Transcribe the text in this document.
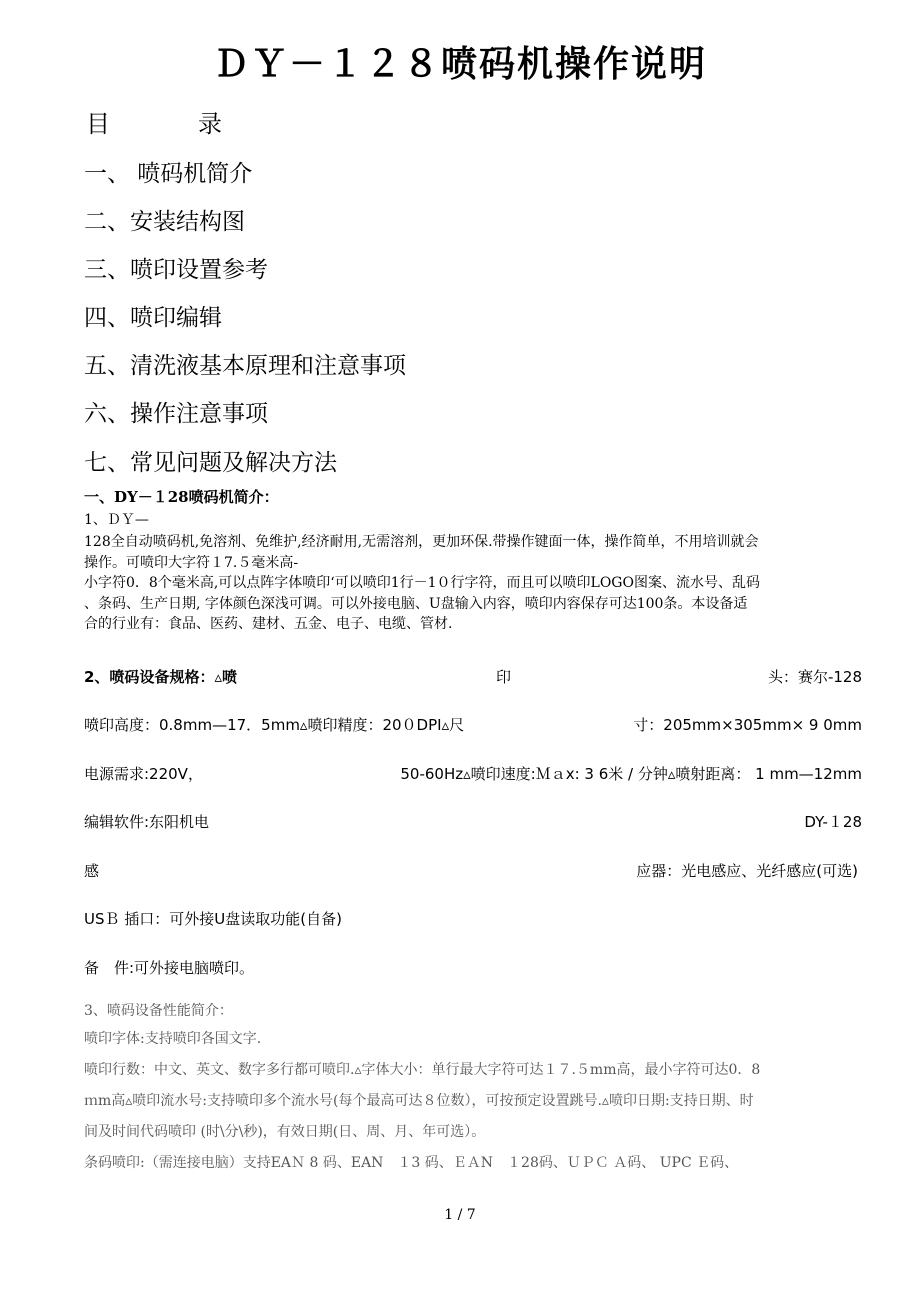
ＤＹ－１２８喷码机操作说明
目	录
一、 喷码机简介
二、安装结构图
三、喷印设置参考
四、喷印编辑
五、清洗液基本原理和注意事项
六、操作注意事项
七、常见问题及解决方法
一、DY－１28喷码机简介：
1、ＤＹ—
128全自动喷码机,免溶剂、免维护,经济耐用,无需溶剂，更加环保.带操作键面一体，操作简单，不用培训就会
操作。可喷印大字符１7.５毫米高-
小字符0．8个毫米高,可以点阵字体喷印‘可以喷印1行－1０行字符，而且可以喷印LOGO图案、流水号、乱码
、条码、生产日期, 字体颜色深浅可调。可以外接电脑、U盘输入内容，喷印内容保存可达100条。本设备适
合的行业有：食品、医药、建材、五金、电子、电缆、管材.
2、喷码设备规格：▵喷	印	头：赛尔-128
喷印高度：0.8mm—17．5mm▵喷印精度：20０DPI▵尺	寸：205mm×305mm× 9 0mm
电源需求:220V，	50-60Hz▵喷印速度:Ｍａx: 3 6米 / 分钟▵喷射距离： 1 mm—12mm
编辑软件:东阳机电	DY-１28
感	应器：光电感应、光纤感应(可选)
USＢ 插口：可外接U盘读取功能(自备)
备　件:可外接电脑喷印。
3、喷码设备性能简介：
喷印字体:支持喷印各国文字.
喷印行数：中文、英文、数字多行都可喷印.▵字体大小：单行最大字符可达１７.５mm高，最小字符可达0．8
ｍm高▵喷印流水号:支持喷印多个流水号(每个最高可达８位数），可按预定设置跳号.▵喷印日期:支持日期、时
间及时间代码喷印 (时\分\秒)，有效日期(日、周、月、年可选）。
条码喷印:（需连接电脑）支持EAＮ 8 码、EAN　１3 码、ＥＡN　１28码、ＵＰＣ Ａ码、 UPC Ｅ码、
1 / 7
